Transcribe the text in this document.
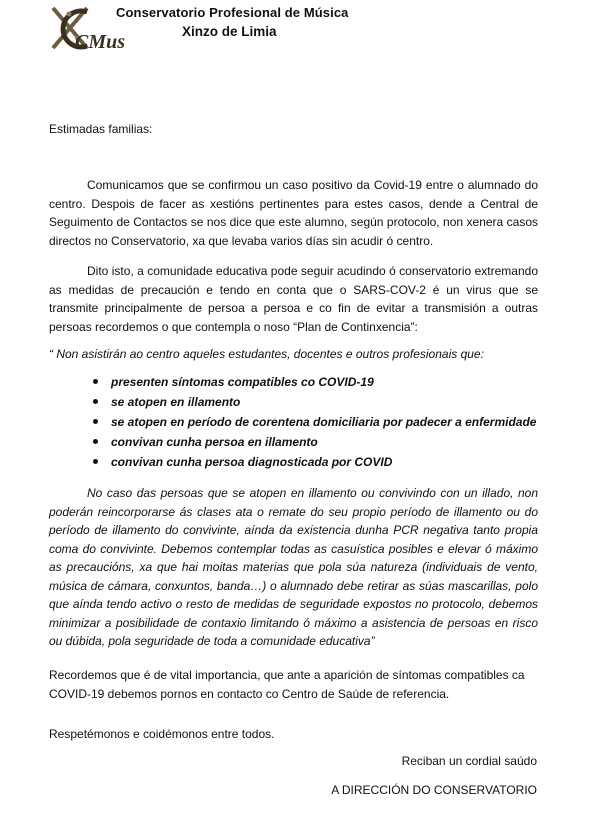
CMus
Conservatorio Profesional de Música
Xinzo de Limia

Estimadas familias:

Comunicamos que se confirmou un caso positivo da Covid-19 entre o alumnado do centro. Despois de facer as xestións pertinentes para estes casos, dende a Central de Seguimento de Contactos se nos dice que este alumno, según protocolo, non xenera casos directos no Conservatorio, xa que levaba varios días sin acudir ó centro.

Dito isto, a comunidade educativa pode seguir acudindo ó conservatorio extremando as medidas de precaución e tendo en conta que o SARS-COV-2 é un virus que se transmite principalmente de persoa a persoa e co fin de evitar a transmisión a outras persoas recordemos o que contempla o noso “Plan de Continxencia”:

“ Non asistirán ao centro aqueles estudantes, docentes e outros profesionais que:

presenten síntomas compatibles co COVID-19
se atopen en illamento
se atopen en período de corentena domiciliaria por padecer a enfermidade
convivan cunha persoa en illamento
convivan cunha persoa diagnosticada por COVID

No caso das persoas que se atopen en illamento ou convivindo con un illado, non poderán reincorporarse ás clases ata o remate do seu propio período de illamento ou do período de illamento do convivinte, aínda da existencia dunha PCR negativa tanto propia coma do convivinte. Debemos contemplar todas as casuística posibles e elevar ó máximo as precaucións, xa que hai moitas materias que pola súa natureza (individuais de vento, música de cámara, conxuntos, banda…) o alumnado debe retirar as súas mascarillas, polo que aínda tendo activo o resto de medidas de seguridade expostos no protocolo, debemos minimizar a posibilidade de contaxio limitando ó máximo a asistencia de persoas en risco ou dúbida, pola seguridade de toda a comunidade educativa”

Recordemos que é de vital importancia, que ante a aparición de síntomas compatibles ca COVID-19 debemos pornos en contacto co Centro de Saúde de referencia.

Respetémonos e coidémonos entre todos.

Reciban un cordial saúdo
A DIRECCIÓN DO CONSERVATORIO
